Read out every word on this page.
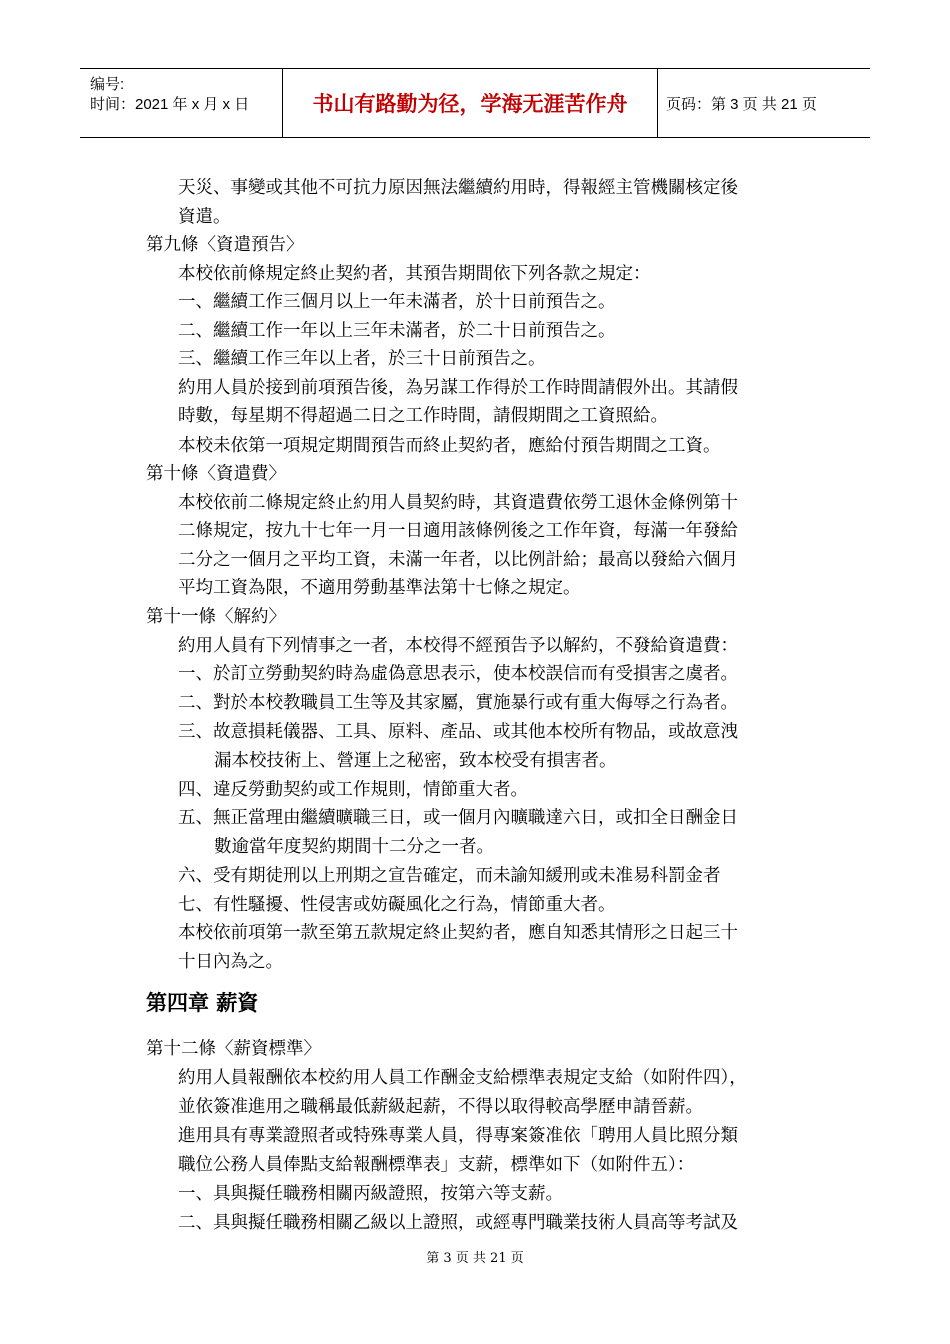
编号:
时间：2021 年 x 月 x 日	书山有路勤为径，学海无涯苦作舟	页码：第 3 页 共 21 页
天災、事變或其他不可抗力原因無法繼續約用時，得報經主管機關核定後
資遣。
第九條〈資遣預告〉
本校依前條規定終止契約者，其預告期間依下列各款之規定：
一、繼續工作三個月以上一年未滿者，於十日前預告之。
二、繼續工作一年以上三年未滿者，於二十日前預告之。
三、繼續工作三年以上者，於三十日前預告之。
約用人員於接到前項預告後，為另謀工作得於工作時間請假外出。其請假
時數，每星期不得超過二日之工作時間，請假期間之工資照給。
本校未依第一項規定期間預告而終止契約者，應給付預告期間之工資。
第十條〈資遣費〉
本校依前二條規定終止約用人員契約時，其資遣費依勞工退休金條例第十
二條規定，按九十七年一月一日適用該條例後之工作年資，每滿一年發給
二分之一個月之平均工資，未滿一年者，以比例計給；最高以發給六個月
平均工資為限，不適用勞動基準法第十七條之規定。
第十一條〈解約〉
約用人員有下列情事之一者，本校得不經預告予以解約，不發給資遣費：
一、於訂立勞動契約時為虛偽意思表示，使本校誤信而有受損害之虞者。
二、對於本校教職員工生等及其家屬，實施暴行或有重大侮辱之行為者。
三、故意損耗儀器、工具、原料、產品、或其他本校所有物品，或故意洩
漏本校技術上、營運上之秘密，致本校受有損害者。
四、違反勞動契約或工作規則，情節重大者。
五、無正當理由繼續曠職三日，或一個月內曠職達六日，或扣全日酬金日
數逾當年度契約期間十二分之一者。
六、受有期徒刑以上刑期之宣告確定，而未諭知緩刑或未准易科罰金者
七、有性騷擾、性侵害或妨礙風化之行為，情節重大者。
本校依前項第一款至第五款規定終止契約者，應自知悉其情形之日起三十
十日內為之。
第四章 薪資
第十二條〈薪資標準〉
約用人員報酬依本校約用人員工作酬金支給標準表規定支給（如附件四），
並依簽准進用之職稱最低薪級起薪，不得以取得較高學歷申請晉薪。
進用具有專業證照者或特殊專業人員，得專案簽准依「聘用人員比照分類
職位公務人員俸點支給報酬標準表」支薪，標準如下（如附件五）：
一、具與擬任職務相關丙級證照，按第六等支薪。
二、具與擬任職務相關乙級以上證照，或經專門職業技術人員高等考試及
第 3 页 共 21 页
